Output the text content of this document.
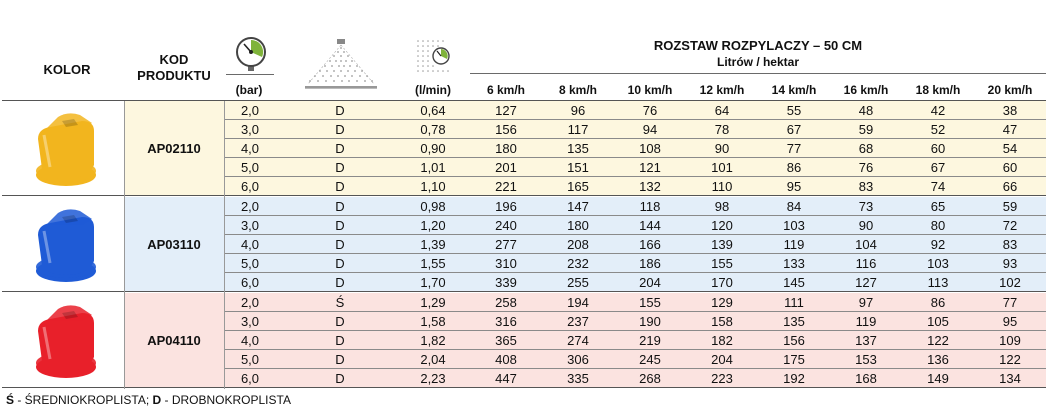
KOLOR
KOD
PRODUKTU
(bar)	(l/min)
ROZSTAW ROZPYLACZY – 50 CM
Litrów / hektar
6 km/h	8 km/h	10 km/h	12 km/h	14 km/h	16 km/h	18 km/h	20 km/h
AP02110
2,0	D	0,64	127	96	76	64	55	48	42	38
3,0	D	0,78	156	117	94	78	67	59	52	47
4,0	D	0,90	180	135	108	90	77	68	60	54
5,0	D	1,01	201	151	121	101	86	76	67	60
6,0	D	1,10	221	165	132	110	95	83	74	66
AP03110
2,0	D	0,98	196	147	118	98	84	73	65	59
3,0	D	1,20	240	180	144	120	103	90	80	72
4,0	D	1,39	277	208	166	139	119	104	92	83
5,0	D	1,55	310	232	186	155	133	116	103	93
6,0	D	1,70	339	255	204	170	145	127	113	102
AP04110
2,0	Ś	1,29	258	194	155	129	111	97	86	77
3,0	D	1,58	316	237	190	158	135	119	105	95
4,0	D	1,82	365	274	219	182	156	137	122	109
5,0	D	2,04	408	306	245	204	175	153	136	122
6,0	D	2,23	447	335	268	223	192	168	149	134
Ś - ŚREDNIOKROPLISTA; D - DROBNOKROPLISTA
